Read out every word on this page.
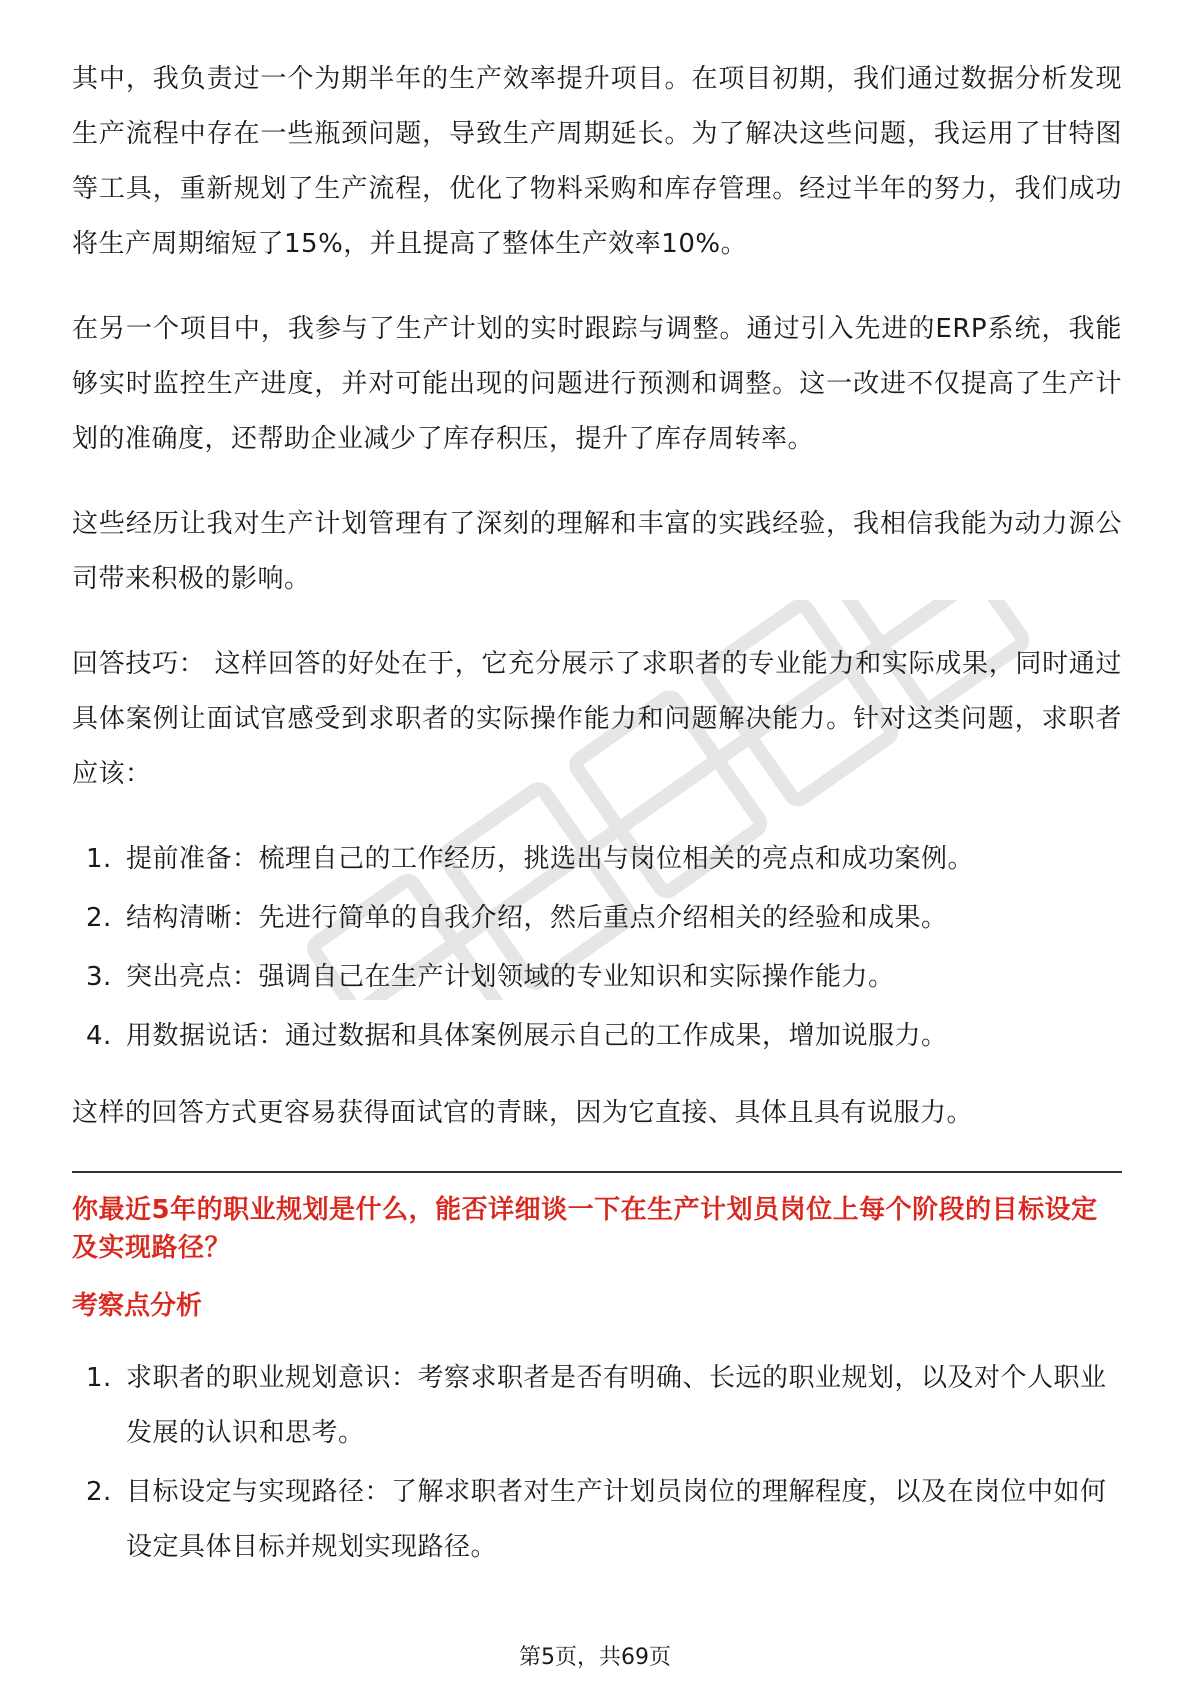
其中，我负责过一个为期半年的生产效率提升项目。在项目初期，我们通过数据分析发现生产流程中存在一些瓶颈问题，导致生产周期延长。为了解决这些问题，我运用了甘特图等工具，重新规划了生产流程，优化了物料采购和库存管理。经过半年的努力，我们成功将生产周期缩短了15%，并且提高了整体生产效率10%。

在另一个项目中，我参与了生产计划的实时跟踪与调整。通过引入先进的ERP系统，我能够实时监控生产进度，并对可能出现的问题进行预测和调整。这一改进不仅提高了生产计划的准确度，还帮助企业减少了库存积压，提升了库存周转率。

这些经历让我对生产计划管理有了深刻的理解和丰富的实践经验，我相信我能为动力源公司带来积极的影响。

回答技巧： 这样回答的好处在于，它充分展示了求职者的专业能力和实际成果，同时通过具体案例让面试官感受到求职者的实际操作能力和问题解决能力。针对这类问题，求职者应该：

1. 提前准备：梳理自己的工作经历，挑选出与岗位相关的亮点和成功案例。
2. 结构清晰：先进行简单的自我介绍，然后重点介绍相关的经验和成果。
3. 突出亮点：强调自己在生产计划领域的专业知识和实际操作能力。
4. 用数据说话：通过数据和具体案例展示自己的工作成果，增加说服力。

这样的回答方式更容易获得面试官的青睐，因为它直接、具体且具有说服力。

你最近5年的职业规划是什么，能否详细谈一下在生产计划员岗位上每个阶段的目标设定及实现路径？
考察点分析
1. 求职者的职业规划意识：考察求职者是否有明确、长远的职业规划，以及对个人职业发展的认识和思考。
2. 目标设定与实现路径：了解求职者对生产计划员岗位的理解程度，以及在岗位中如何设定具体目标并规划实现路径。
第5页，共69页
